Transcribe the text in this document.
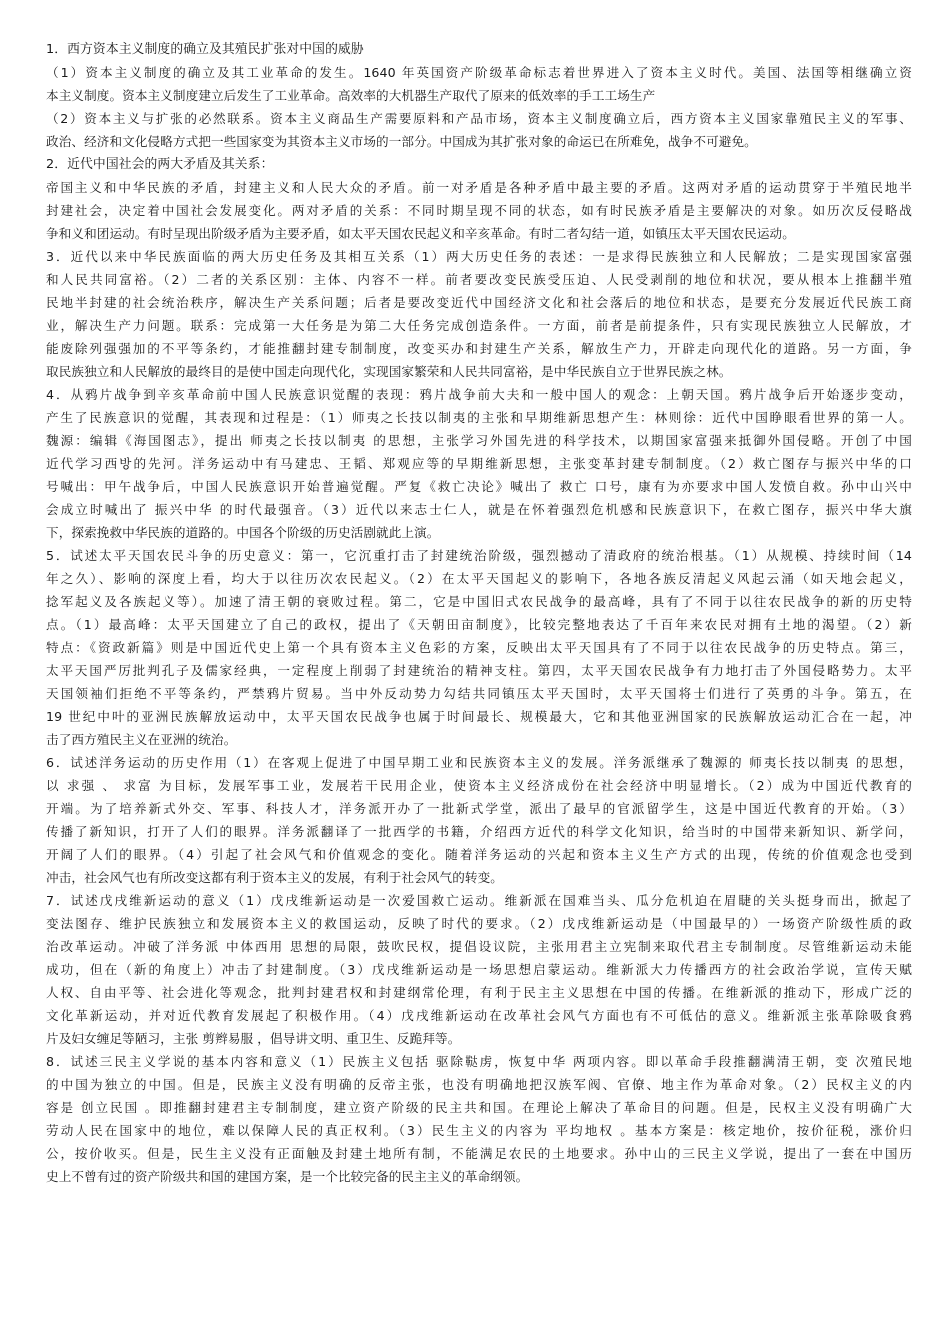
1．西方资本主义制度的确立及其殖民扩张对中国的威胁
（1）资本主义制度的确立及其工业革命的发生。1640 年英国资产阶级革命标志着世界进入了资本主义时代。美国、法国等相继确立资
本主义制度。资本主义制度建立后发生了工业革命。高效率的大机器生产取代了原来的低效率的手工工场生产
（2）资本主义与扩张的必然联系。资本主义商品生产需要原料和产品市场，资本主义制度确立后，西方资本主义国家靠殖民主义的军事、
政治、经济和文化侵略方式把一些国家变为其资本主义市场的一部分。中国成为其扩张对象的命运已在所难免，战争不可避免。
2．近代中国社会的两大矛盾及其关系：
帝国主义和中华民族的矛盾，封建主义和人民大众的矛盾。前一对矛盾是各种矛盾中最主要的矛盾。这两对矛盾的运动贯穿于半殖民地半
封建社会，决定着中国社会发展变化。两对矛盾的关系：不同时期呈现不同的状态，如有时民族矛盾是主要解决的对象。如历次反侵略战
争和义和团运动。有时呈现出阶级矛盾为主要矛盾，如太平天国农民起义和辛亥革命。有时二者勾结一道，如镇压太平天国农民运动。
3．近代以来中华民族面临的两大历史任务及其相互关系（1）两大历史任务的表述：一是求得民族独立和人民解放；二是实现国家富强
和人民共同富裕。（2）二者的关系区别：主体、内容不一样。前者要改变民族受压迫、人民受剥削的地位和状况，要从根本上推翻半殖
民地半封建的社会统治秩序，解决生产关系问题；后者是要改变近代中国经济文化和社会落后的地位和状态，是要充分发展近代民族工商
业，解决生产力问题。联系：完成第一大任务是为第二大任务完成创造条件。一方面，前者是前提条件，只有实现民族独立人民解放，才
能废除列强强加的不平等条约，才能推翻封建专制制度，改变买办和封建生产关系，解放生产力，开辟走向现代化的道路。另一方面，争
取民族独立和人民解放的最终目的是使中国走向现代化，实现国家繁荣和人民共同富裕，是中华民族自立于世界民族之林。
4．从鸦片战争到辛亥革命前中国人民族意识觉醒的表现：鸦片战争前大夫和一般中国人的观念：上朝天国。鸦片战争后开始逐步变动，
产生了民族意识的觉醒，其表现和过程是：（1）师夷之长技以制夷的主张和早期维新思想产生：林则徐：近代中国睁眼看世界的第一人。
魏源：编辑《海国图志》，提出 师夷之长技以制夷 的思想，主张学习外国先进的科学技术，以期国家富强来抵御外国侵略。开创了中国
近代学习西방的先河。洋务运动中有马建忠、王韬、郑观应等的早期维新思想，主张变革封建专制制度。（2）救亡图存与振兴中华的口
号喊出：甲午战争后，中国人民族意识开始普遍觉醒。严复《救亡决论》喊出了 救亡 口号，康有为亦要求中国人发愤自救。孙中山兴中
会成立时喊出了 振兴中华 的时代最强音。（3）近代以来志士仁人，就是在怀着强烈危机感和民族意识下，在救亡图存，振兴中华大旗
下，探索挽救中华民族的道路的。中国各个阶级的历史活剧就此上演。
5．试述太平天国农民斗争的历史意义：第一，它沉重打击了封建统治阶级，强烈撼动了清政府的统治根基。（1）从规模、持续时间（14
年之久）、影响的深度上看，均大于以往历次农民起义。（2）在太平天国起义的影响下，各地各族反清起义风起云涌（如天地会起义，
捻军起义及各族起义等）。加速了清王朝的衰败过程。第二，它是中国旧式农民战争的最高峰，具有了不同于以往农民战争的新的历史特
点。（1）最高峰：太平天国建立了自己的政权，提出了《天朝田亩制度》，比较完整地表达了千百年来农民对拥有土地的渴望。（2）新
特点：《资政新篇》则是中国近代史上第一个具有资本主义色彩的方案，反映出太平天国具有了不同于以往农民战争的历史特点。第三，
太平天国严厉批判孔子及儒家经典，一定程度上削弱了封建统治的精神支柱。第四，太平天国农民战争有力地打击了外国侵略势力。太平
天国领袖们拒绝不平等条约，严禁鸦片贸易。当中外反动势力勾结共同镇压太平天国时，太平天国将士们进行了英勇的斗争。第五，在
19 世纪中叶的亚洲民族解放运动中，太平天国农民战争也属于时间最长、规模最大，它和其他亚洲国家的民族解放运动汇合在一起，冲
击了西方殖民主义在亚洲的统治。
6．试述洋务运动的历史作用（1）在客观上促进了中国早期工业和民族资本主义的发展。洋务派继承了魏源的 师夷长技以制夷 的思想，
以 求强 、 求富 为目标，发展军事工业，发展若干民用企业，使资本主义经济成份在社会经济中明显增长。（2）成为中国近代教育的
开端。为了培养新式外交、军事、科技人才，洋务派开办了一批新式学堂，派出了最早的官派留学生，这是中国近代教育的开始。（3）
传播了新知识，打开了人们的眼界。洋务派翻译了一批西学的书籍，介绍西方近代的科学文化知识，给当时的中国带来新知识、新学问，
开阔了人们的眼界。（4）引起了社会风气和价值观念的变化。随着洋务运动的兴起和资本主义生产方式的出现，传统的价值观念也受到
冲击，社会风气也有所改变这都有利于资本主义的发展，有利于社会风气的转变。
7．试述戊戌维新运动的意义（1）戊戌维新运动是一次爱国救亡运动。维新派在国难当头、瓜分危机迫在眉睫的关头挺身而出，掀起了
变法图存、维护民族独立和发展资本主义的救国运动，反映了时代的要求。（2）戊戌维新运动是（中国最早的）一场资产阶级性质的政
治改革运动。冲破了洋务派 中体西用 思想的局限，鼓吹民权，提倡设议院，主张用君主立宪制来取代君主专制制度。尽管维新运动未能
成功，但在（新的角度上）冲击了封建制度。（3）戊戌维新运动是一场思想启蒙运动。维新派大力传播西方的社会政治学说，宣传天赋
人权、自由平等、社会进化等观念，批判封建君权和封建纲常伦理，有利于民主主义思想在中国的传播。在维新派的推动下，形成广泛的
文化革新运动，并对近代教育发展起了积极作用。（4）戊戌维新运动在改革社会风气方面也有不可低估的意义。维新派主张革除吸食鸦
片及妇女缠足等陋习，主张 剪辫易服 ，倡导讲文明、重卫生、反跪拜等。
8．试述三民主义学说的基本内容和意义（1）民族主义包括 驱除鞑虏，恢复中华 两项内容。即以革命手段推翻满清王朝，变 次殖民地
的中国为独立的中国。但是，民族主义没有明确的反帝主张，也没有明确地把汉族军阀、官僚、地主作为革命对象。（2）民权主义的内
容是 创立民国 。即推翻封建君主专制制度，建立资产阶级的民主共和国。在理论上解决了革命目的问题。但是，民权主义没有明确广大
劳动人民在国家中的地位，难以保障人民的真正权利。（3）民生主义的内容为 平均地权 。基本方案是：核定地价，按价征税，涨价归
公，按价收买。但是，民生主义没有正面触及封建土地所有制，不能满足农民的土地要求。孙中山的三民主义学说，提出了一套在中国历
史上不曾有过的资产阶级共和国的建国方案，是一个比较完备的民主主义的革命纲领。
